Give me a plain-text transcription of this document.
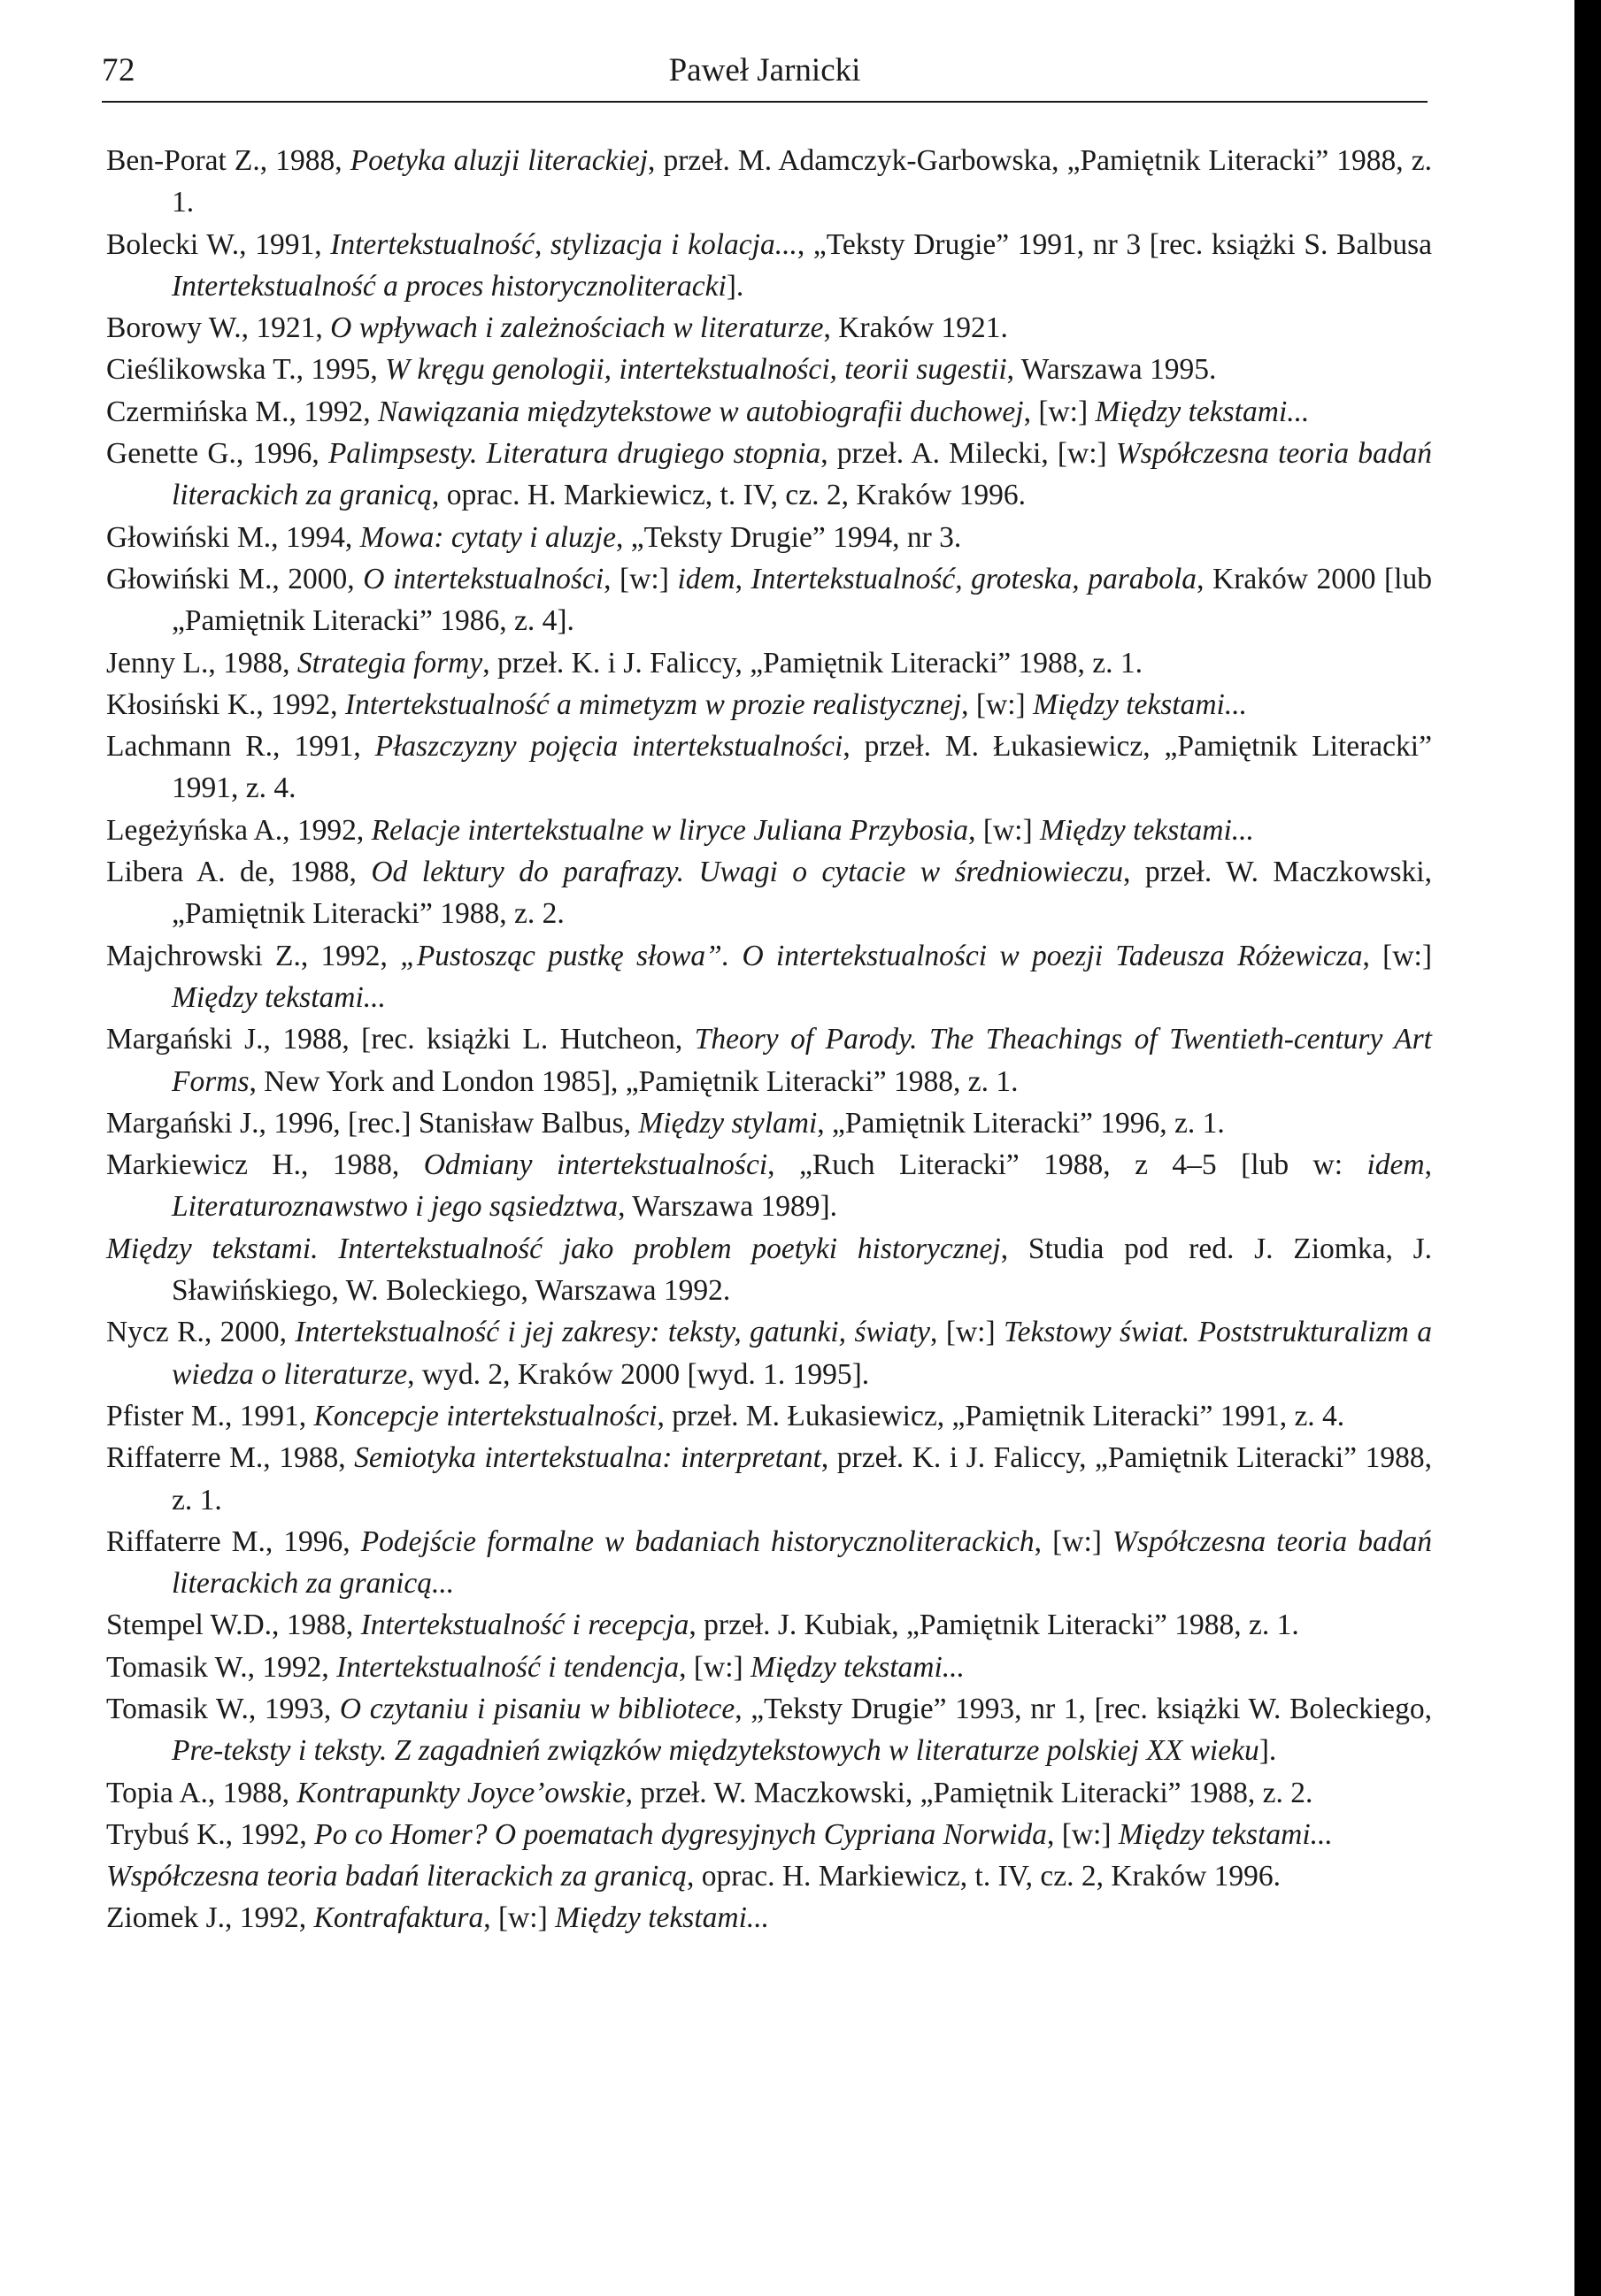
72	Paweł Jarnicki
Ben-Porat Z., 1988, Poetyka aluzji literackiej, przeł. M. Adamczyk-Garbowska, „Pamiętnik Literacki” 1988, z. 1.
Bolecki W., 1991, Intertekstualność, stylizacja i kolacja..., „Teksty Drugie” 1991, nr 3 [rec. książki S. Balbusa Intertekstualność a proces historycznoliteracki].
Borowy W., 1921, O wpływach i zależnościach w literaturze, Kraków 1921.
Cieślikowska T., 1995, W kręgu genologii, intertekstualności, teorii sugestii, Warszawa 1995.
Czermińska M., 1992, Nawiązania międzytekstowe w autobiografii duchowej, [w:] Między tekstami...
Genette G., 1996, Palimpsesty. Literatura drugiego stopnia, przeł. A. Milecki, [w:] Współczesna teoria badań literackich za granicą, oprac. H. Markiewicz, t. IV, cz. 2, Kraków 1996.
Głowiński M., 1994, Mowa: cytaty i aluzje, „Teksty Drugie” 1994, nr 3.
Głowiński M., 2000, O intertekstualności, [w:] idem, Intertekstualność, groteska, parabola, Kraków 2000 [lub „Pamiętnik Literacki” 1986, z. 4].
Jenny L., 1988, Strategia formy, przeł. K. i J. Faliccy, „Pamiętnik Literacki” 1988, z. 1.
Kłosiński K., 1992, Intertekstualność a mimetyzm w prozie realistycznej, [w:] Między tekstami...
Lachmann R., 1991, Płaszczyzny pojęcia intertekstualności, przeł. M. Łukasiewicz, „Pamiętnik Literacki” 1991, z. 4.
Legeżyńska A., 1992, Relacje intertekstualne w liryce Juliana Przybosia, [w:] Między tekstami...
Libera A. de, 1988, Od lektury do parafrazy. Uwagi o cytacie w średniowieczu, przeł. W. Maczkowski, „Pamiętnik Literacki” 1988, z. 2.
Majchrowski Z., 1992, „Pustosząc pustkę słowa”. O intertekstualności w poezji Tadeusza Różewicza, [w:] Między tekstami...
Margański J., 1988, [rec. książki L. Hutcheon, Theory of Parody. The Theachings of Twentieth-century Art Forms, New York and London 1985], „Pamiętnik Literacki” 1988, z. 1.
Margański J., 1996, [rec.] Stanisław Balbus, Między stylami, „Pamiętnik Literacki” 1996, z. 1.
Markiewicz H., 1988, Odmiany intertekstualności, „Ruch Literacki” 1988, z 4–5 [lub w: idem, Literaturoznawstwo i jego sąsiedztwa, Warszawa 1989].
Między tekstami. Intertekstualność jako problem poetyki historycznej, Studia pod red. J. Ziomka, J. Sławińskiego, W. Boleckiego, Warszawa 1992.
Nycz R., 2000, Intertekstualność i jej zakresy: teksty, gatunki, światy, [w:] Tekstowy świat. Poststrukturalizm a wiedza o literaturze, wyd. 2, Kraków 2000 [wyd. 1. 1995].
Pfister M., 1991, Koncepcje intertekstualności, przeł. M. Łukasiewicz, „Pamiętnik Literacki” 1991, z. 4.
Riffaterre M., 1988, Semiotyka intertekstualna: interpretant, przeł. K. i J. Faliccy, „Pamiętnik Literacki” 1988, z. 1.
Riffaterre M., 1996, Podejście formalne w badaniach historycznoliterackich, [w:] Współczesna teoria badań literackich za granicą...
Stempel W.D., 1988, Intertekstualność i recepcja, przeł. J. Kubiak, „Pamiętnik Literacki” 1988, z. 1.
Tomasik W., 1992, Intertekstualność i tendencja, [w:] Między tekstami...
Tomasik W., 1993, O czytaniu i pisaniu w bibliotece, „Teksty Drugie” 1993, nr 1, [rec. książki W. Boleckiego, Pre-teksty i teksty. Z zagadnień związków międzytekstowych w literaturze polskiej XX wieku].
Topia A., 1988, Kontrapunkty Joyce’owskie, przeł. W. Maczkowski, „Pamiętnik Literacki” 1988, z. 2.
Trybuś K., 1992, Po co Homer? O poematach dygresyjnych Cypriana Norwida, [w:] Między tekstami...
Współczesna teoria badań literackich za granicą, oprac. H. Markiewicz, t. IV, cz. 2, Kraków 1996.
Ziomek J., 1992, Kontrafaktura, [w:] Między tekstami...
